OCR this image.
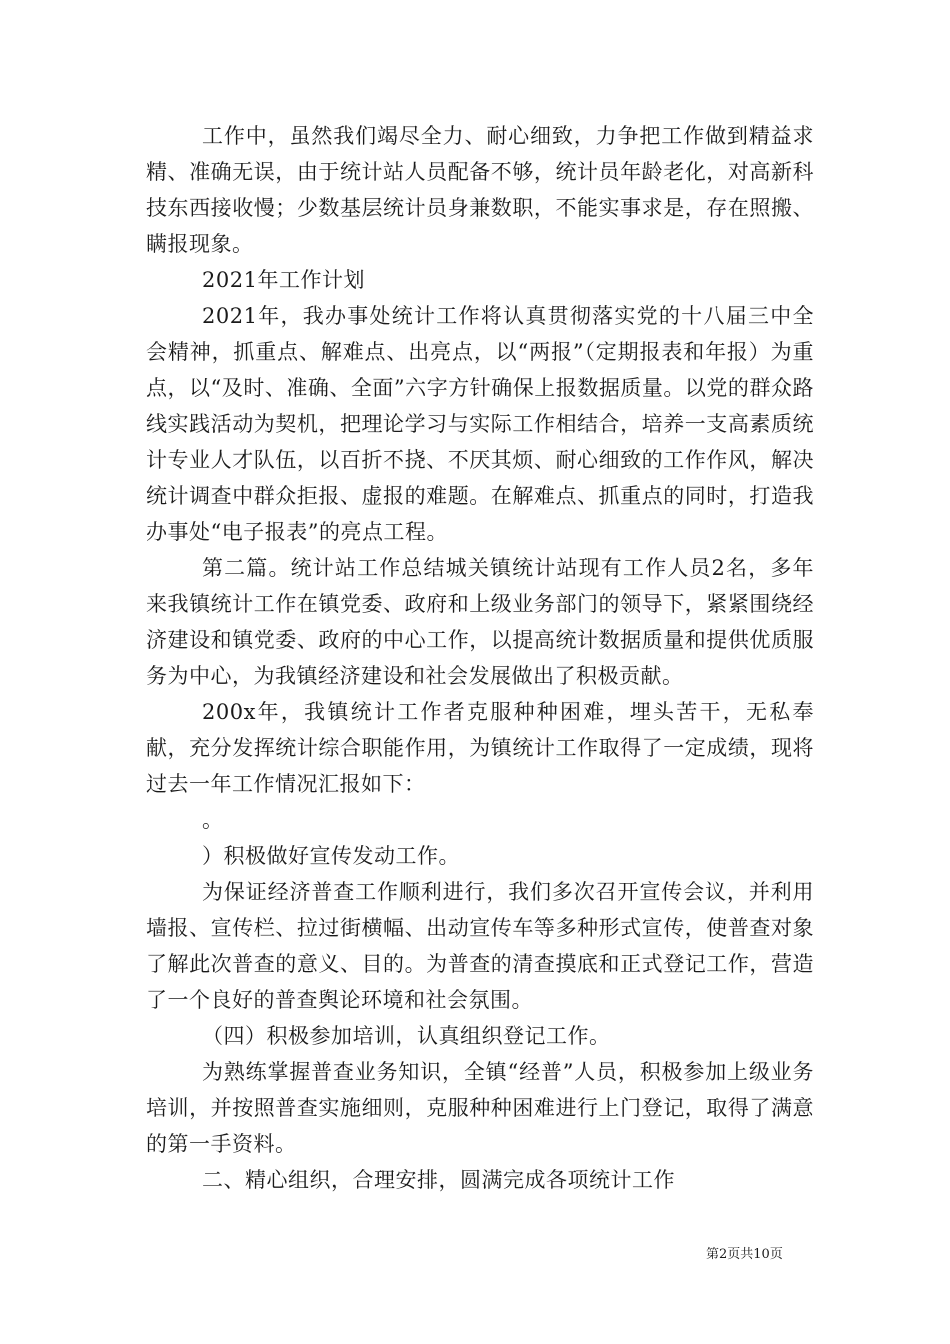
工作中，虽然我们竭尽全力、耐心细致，力争把工作做到精益求精、准确无误，由于统计站人员配备不够，统计员年龄老化，对高新科技东西接收慢；少数基层统计员身兼数职，不能实事求是，存在照搬、瞒报现象。

2021年工作计划

2021年，我办事处统计工作将认真贯彻落实党的十八届三中全会精神，抓重点、解难点、出亮点，以“两报”（定期报表和年报）为重点，以“及时、准确、全面”六字方针确保上报数据质量。以党的群众路线实践活动为契机，把理论学习与实际工作相结合，培养一支高素质统计专业人才队伍，以百折不挠、不厌其烦、耐心细致的工作作风，解决统计调查中群众拒报、虚报的难题。在解难点、抓重点的同时，打造我办事处“电子报表”的亮点工程。

第二篇。统计站工作总结城关镇统计站现有工作人员2名，多年来我镇统计工作在镇党委、政府和上级业务部门的领导下，紧紧围绕经济建设和镇党委、政府的中心工作，以提高统计数据质量和提供优质服务为中心，为我镇经济建设和社会发展做出了积极贡献。

200x年，我镇统计工作者克服种种困难，埋头苦干，无私奉献，充分发挥统计综合职能作用，为镇统计工作取得了一定成绩，现将过去一年工作情况汇报如下：

。

）积极做好宣传发动工作。

为保证经济普查工作顺利进行，我们多次召开宣传会议，并利用墙报、宣传栏、拉过街横幅、出动宣传车等多种形式宣传，使普查对象了解此次普查的意义、目的。为普查的清查摸底和正式登记工作，营造了一个良好的普查舆论环境和社会氛围。

（四）积极参加培训，认真组织登记工作。

为熟练掌握普查业务知识，全镇“经普”人员，积极参加上级业务培训，并按照普查实施细则，克服种种困难进行上门登记，取得了满意的第一手资料。

二、精心组织，合理安排，圆满完成各项统计工作

第2页共10页
